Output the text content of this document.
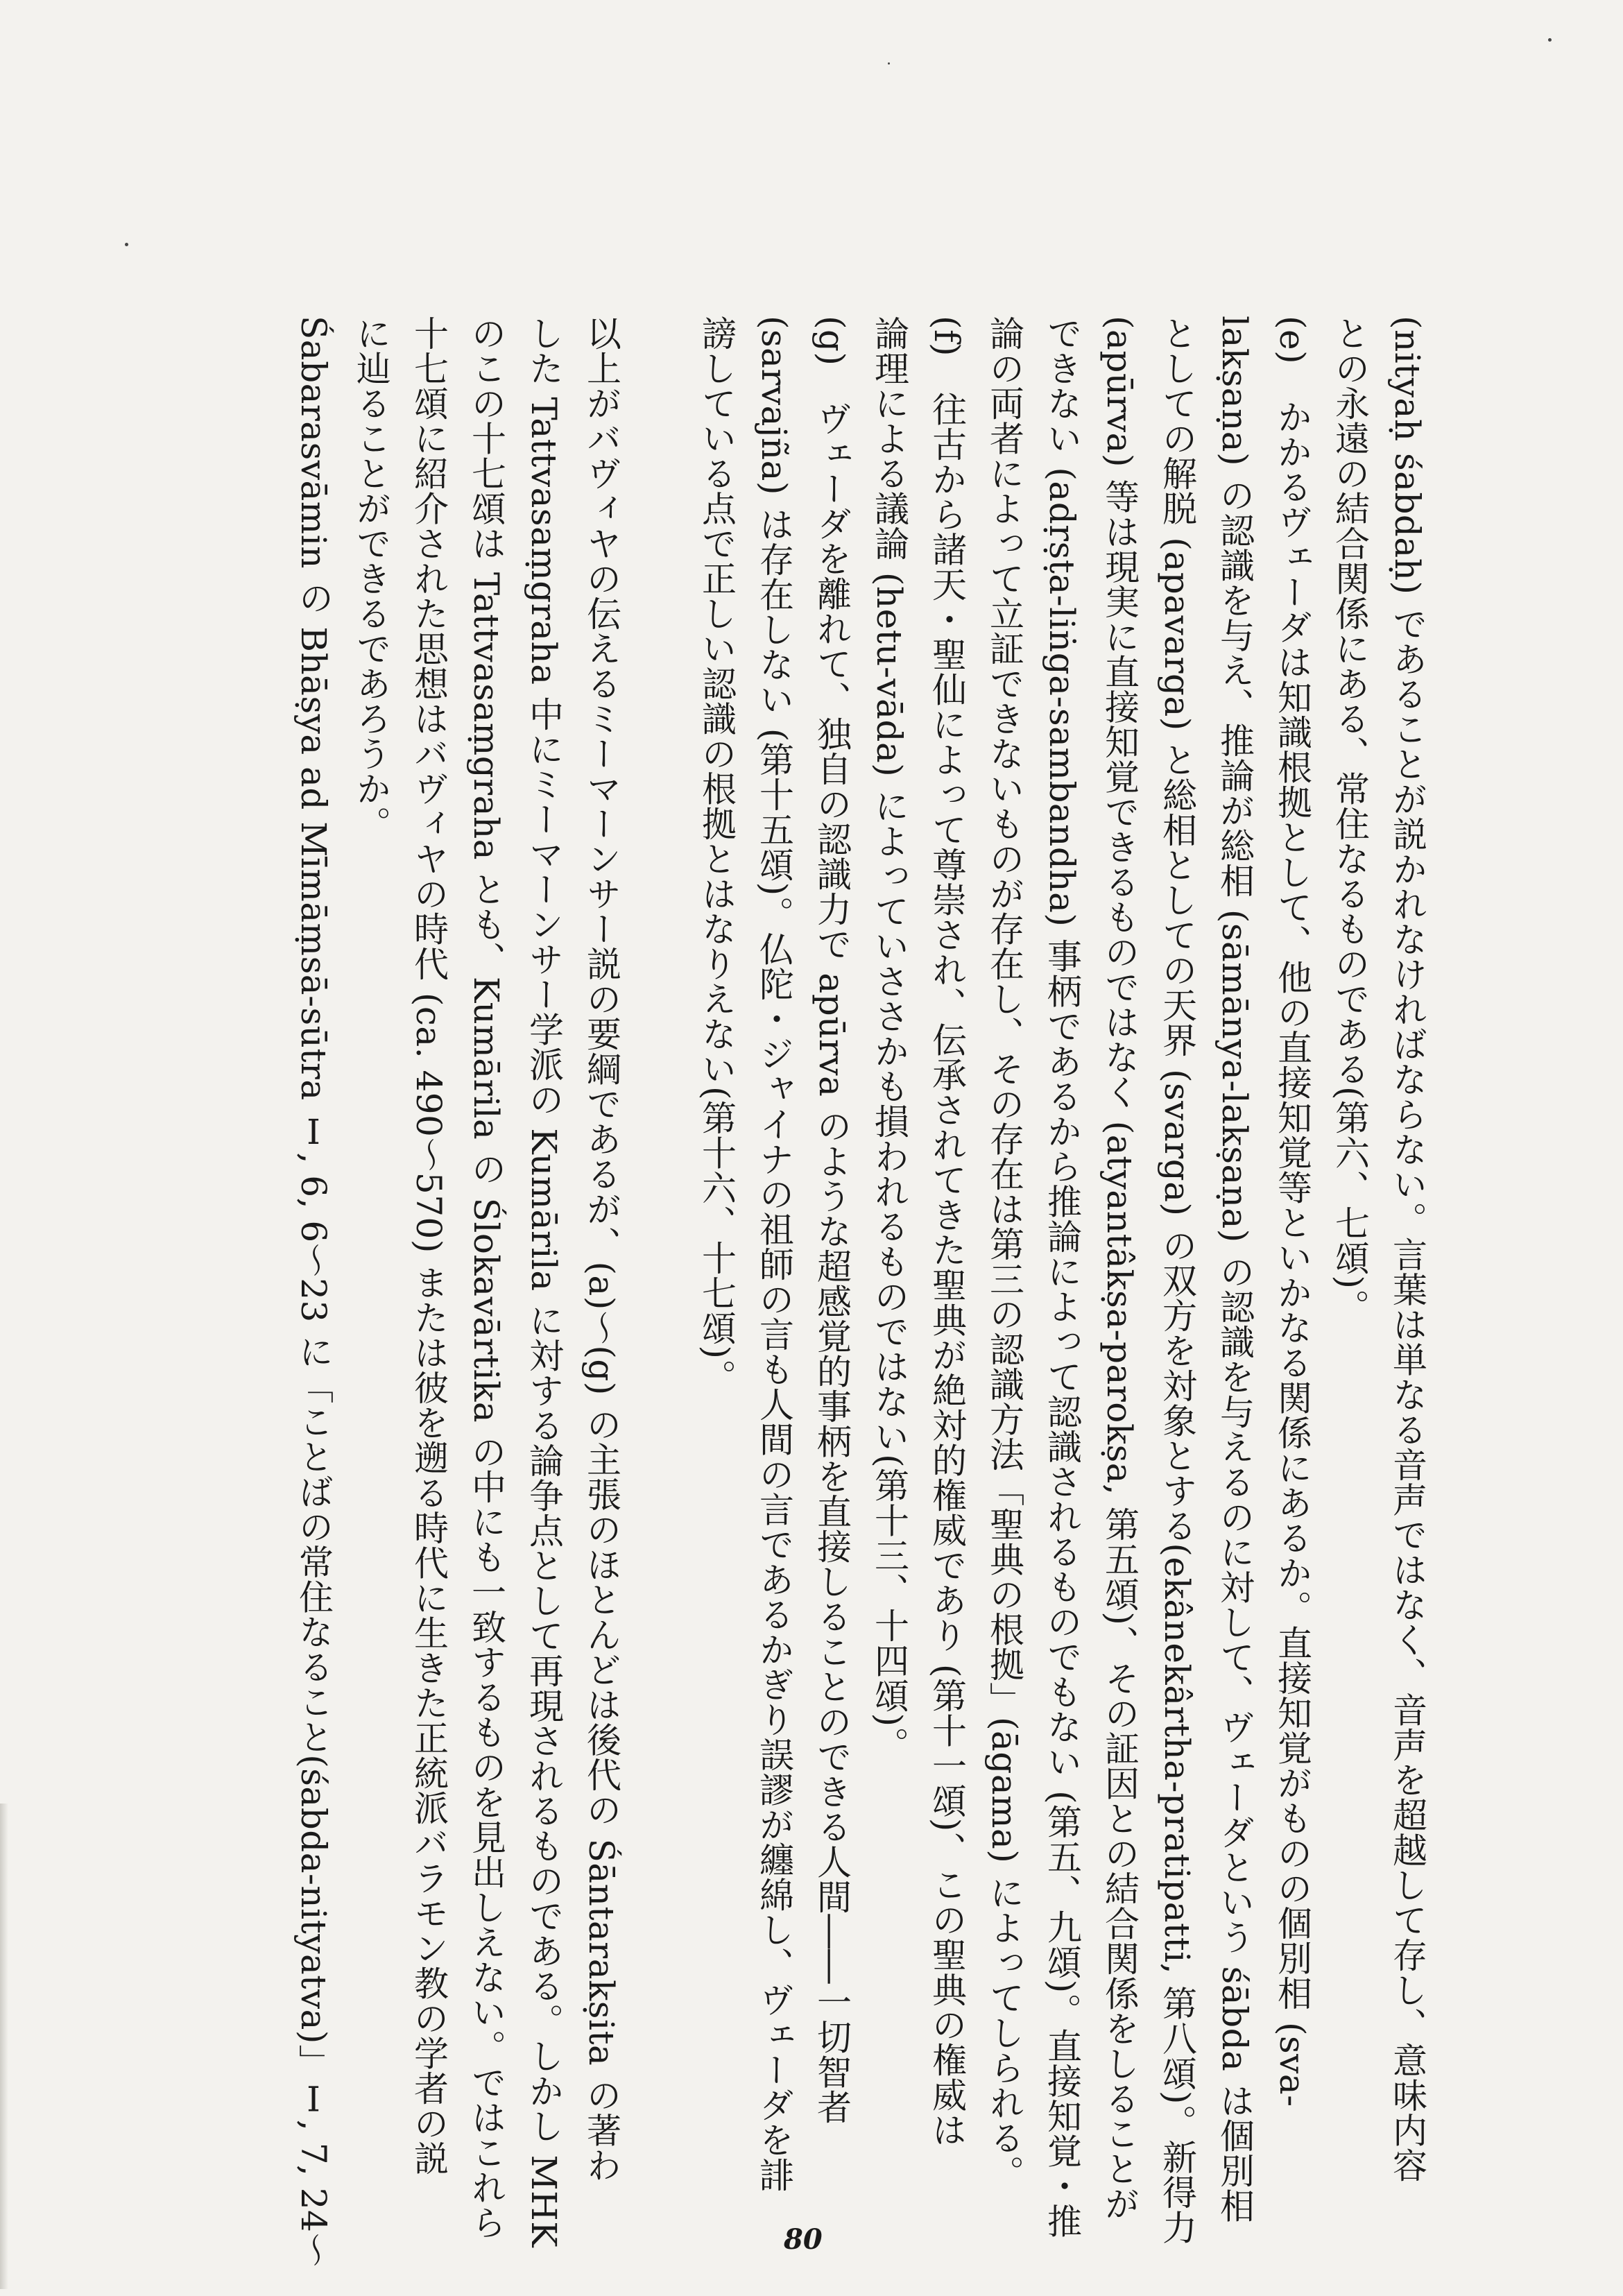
(nityaḥ śabdaḥ) であることが説かれなければならない。言葉は単なる音声ではなく、音声を超越して存し、意味内容
との永遠の結合関係にある、常住なるものである(第六、七頌)。
(e)　かかるヴェーダは知識根拠として、他の直接知覚等といかなる関係にあるか。直接知覚がものの個別相 (sva-
lakṣaṇa) の認識を与え、推論が総相 (sāmānya-lakṣaṇa) の認識を与えるのに対して、ヴェーダという śābda は個別相
としての解脱 (apavarga) と総相としての天界 (svarga) の双方を対象とする(ekânekârtha-pratipatti, 第八頌)。新得力
(apūrva) 等は現実に直接知覚できるものではなく (atyantâkṣa-parokṣa, 第五頌)、その証因との結合関係をしることが
できない (adṛṣṭa-liṅga-sambandha) 事柄であるから推論によって認識されるものでもない (第五、九頌)。直接知覚・推
論の両者によって立証できないものが存在し、その存在は第三の認識方法「聖典の根拠」(āgama) によってしられる。
(f)　往古から諸天・聖仙によって尊崇され、伝承されてきた聖典が絶対的権威であり (第十一頌)、この聖典の権威は
論理による議論 (hetu-vāda) によっていささかも損われるものではない(第十三、十四頌)。
(g)　ヴェーダを離れて、独自の認識力で apūrva のような超感覚的事柄を直接しることのできる人間――一切智者
(sarvajña) は存在しない (第十五頌)。仏陀・ジャイナの祖師の言も人間の言であるかぎり誤謬が纏綿し、ヴェーダを誹
謗している点で正しい認識の根拠とはなりえない(第十六、十七頌)。
以上がバヴィヤの伝えるミーマーンサー説の要綱であるが、(a)〜(g) の主張のほとんどは後代の Śāntarakṣita の著わ
した Tattvasaṃgraha 中にミーマーンサー学派の Kumārila に対する論争点として再現されるものである。しかし MHK
のこの十七頌は Tattvasaṃgraha とも、Kumārila の Ślokavārtika の中にも一致するものを見出しえない。ではこれら
十七頌に紹介された思想はバヴィヤの時代 (ca. 490〜570) または彼を遡る時代に生きた正統派バラモン教の学者の説
に辿ることができるであろうか。
Śabarasvāmin の Bhāṣya ad Mīmāṃsā-sūtra Ⅰ, 6, 6〜23 に「ことばの常住なること(śabda-nityatva)」Ⅰ, 7, 24〜	80
